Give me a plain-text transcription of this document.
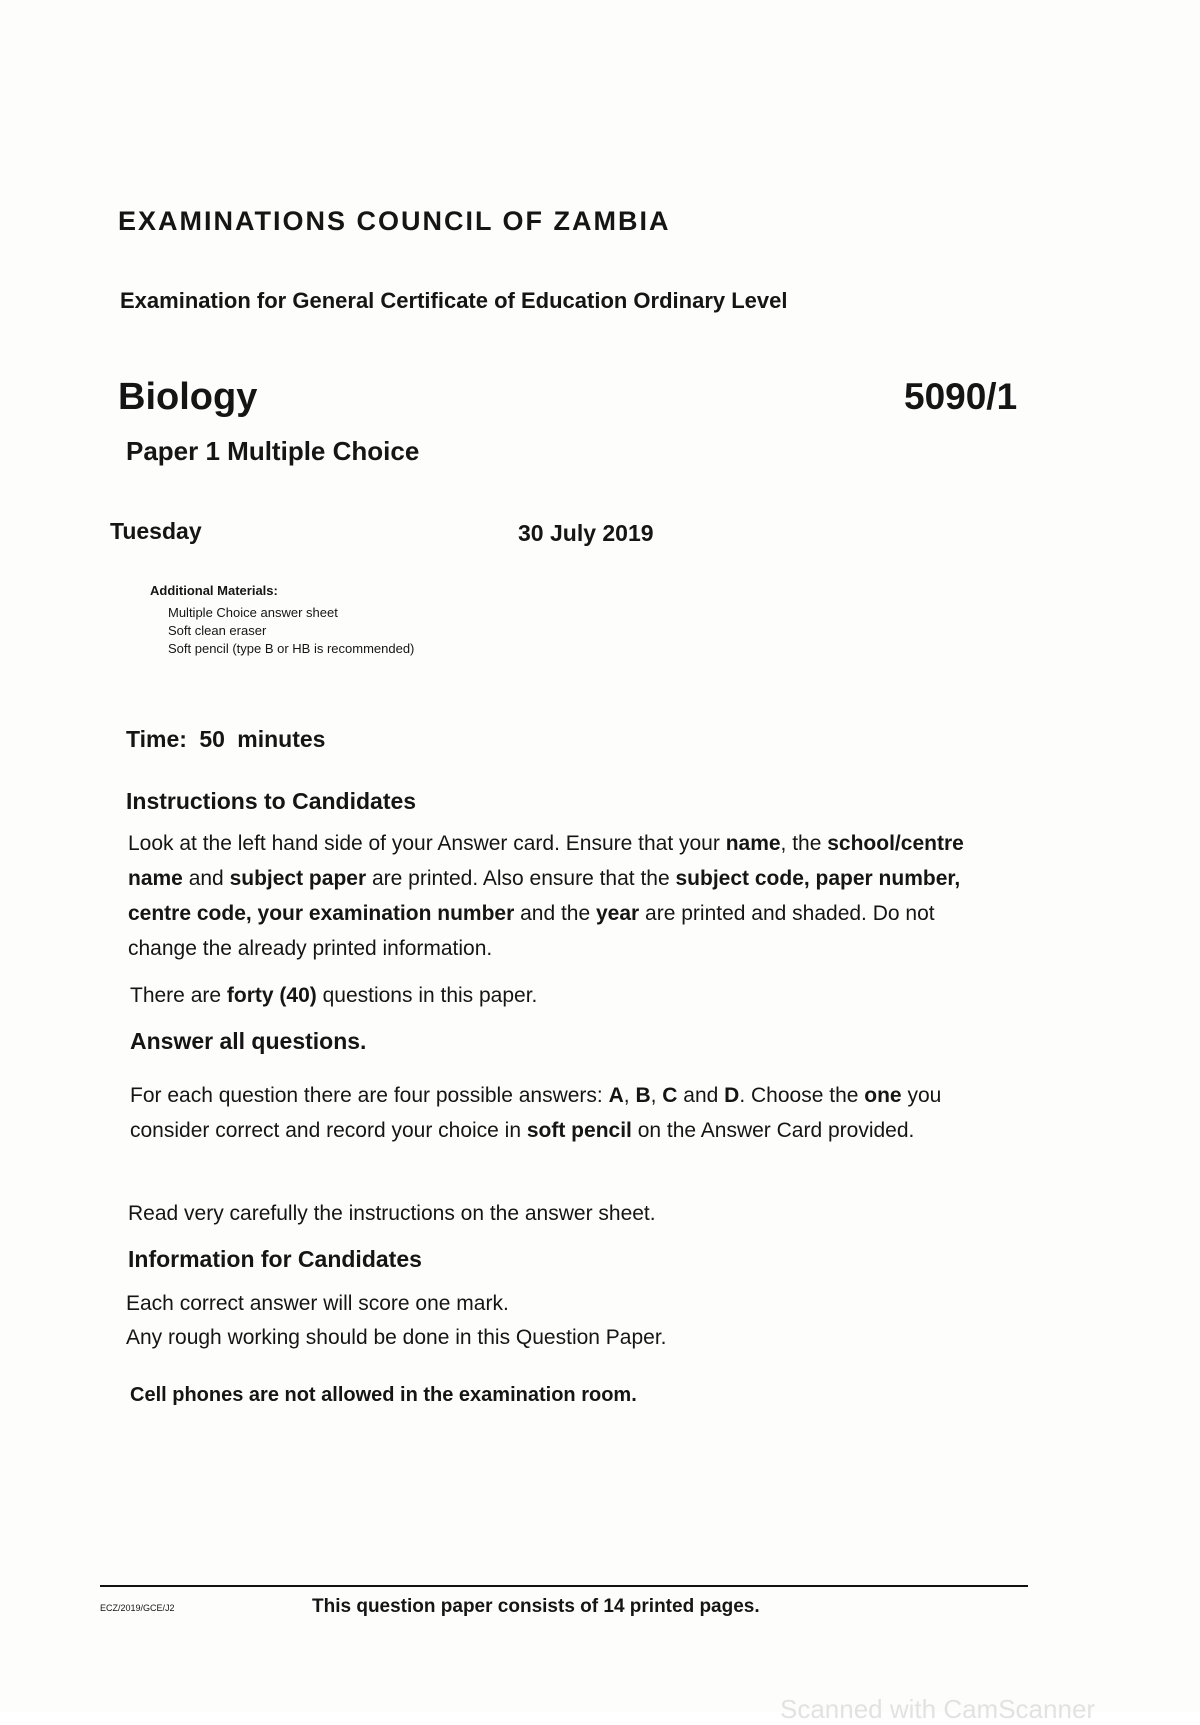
EXAMINATIONS COUNCIL OF ZAMBIA
Examination for General Certificate of Education Ordinary Level
Biology	5090/1
Paper 1 Multiple Choice
Tuesday	30 July 2019
Additional Materials:
Multiple Choice answer sheet
Soft clean eraser
Soft pencil (type B or HB is recommended)
Time: 50 minutes
Instructions to Candidates
Look at the left hand side of your Answer card. Ensure that your name, the school/centre name and subject paper are printed. Also ensure that the subject code, paper number, centre code, your examination number and the year are printed and shaded. Do not change the already printed information.
There are forty (40) questions in this paper.
Answer all questions.
For each question there are four possible answers: A, B, C and D. Choose the one you consider correct and record your choice in soft pencil on the Answer Card provided.
Read very carefully the instructions on the answer sheet.
Information for Candidates
Each correct answer will score one mark.
Any rough working should be done in this Question Paper.
Cell phones are not allowed in the examination room.
ECZ/2019/GCE/J2	This question paper consists of 14 printed pages.
Scanned with CamScanner
